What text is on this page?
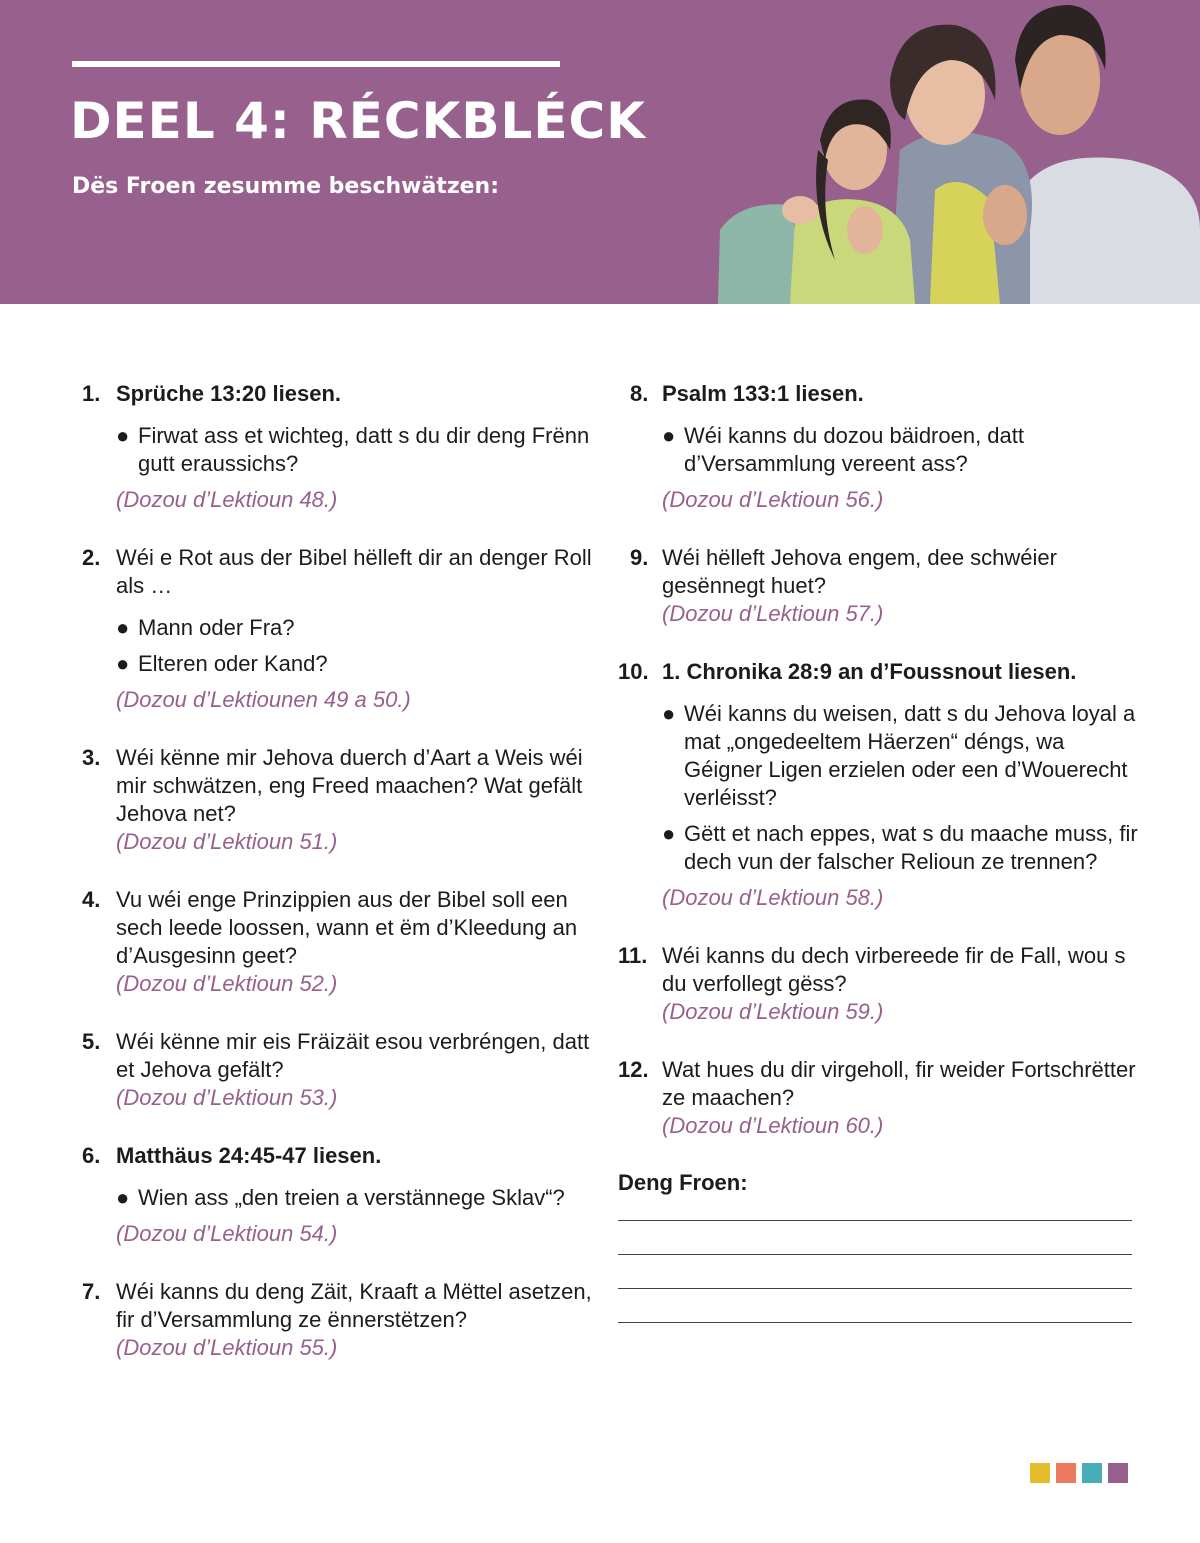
DEEL 4: RÉCKBLÉCK

Dës Froen zesumme beschwätzen:

1. Sprüche 13:20 liesen.
● Firwat ass et wichteg, datt s du dir deng Frënn gutt eraussichs?
(Dozou d’Lektioun 48.)
2. Wéi e Rot aus der Bibel hëlleft dir an denger Roll als …
● Mann oder Fra?
● Elteren oder Kand?
(Dozou d’Lektiounen 49 a 50.)
3. Wéi kënne mir Jehova duerch d’Aart a Weis wéi mir schwätzen, eng Freed maachen? Wat gefält Jehova net?
(Dozou d’Lektioun 51.)
4. Vu wéi enge Prinzippien aus der Bibel soll een sech leede loossen, wann et ëm d’Kleedung an d’Ausgesinn geet?
(Dozou d’Lektioun 52.)
5. Wéi kënne mir eis Fräizäit esou verbréngen, datt et Jehova gefält?
(Dozou d’Lektioun 53.)
6. Matthäus 24:45-47 liesen.
● Wien ass „den treien a verstännege Sklav“?
(Dozou d’Lektioun 54.)
7. Wéi kanns du deng Zäit, Kraaft a Mëttel asetzen, fir d’Versammlung ze ënnerstëtzen?
(Dozou d’Lektioun 55.)
8. Psalm 133:1 liesen.
● Wéi kanns du dozou bäidroen, datt d’Versammlung vereent ass?
(Dozou d’Lektioun 56.)
9. Wéi hëlleft Jehova engem, dee schwéier gesënnegt huet?
(Dozou d’Lektioun 57.)
10. 1. Chronika 28:9 an d’Foussnout liesen.
● Wéi kanns du weisen, datt s du Jehova loyal a mat „ongedeeltem Häerzen“ déngs, wa Géigner Ligen erzielen oder een d’Wouerecht verléisst?
● Gëtt et nach eppes, wat s du maache muss, fir dech vun der falscher Relioun ze trennen?
(Dozou d’Lektioun 58.)
11. Wéi kanns du dech virbereede fir de Fall, wou s du verfollegt gëss?
(Dozou d’Lektioun 59.)
12. Wat hues du dir virgeholl, fir weider Fortschrëtter ze maachen?
(Dozou d’Lektioun 60.)
Deng Froen:
